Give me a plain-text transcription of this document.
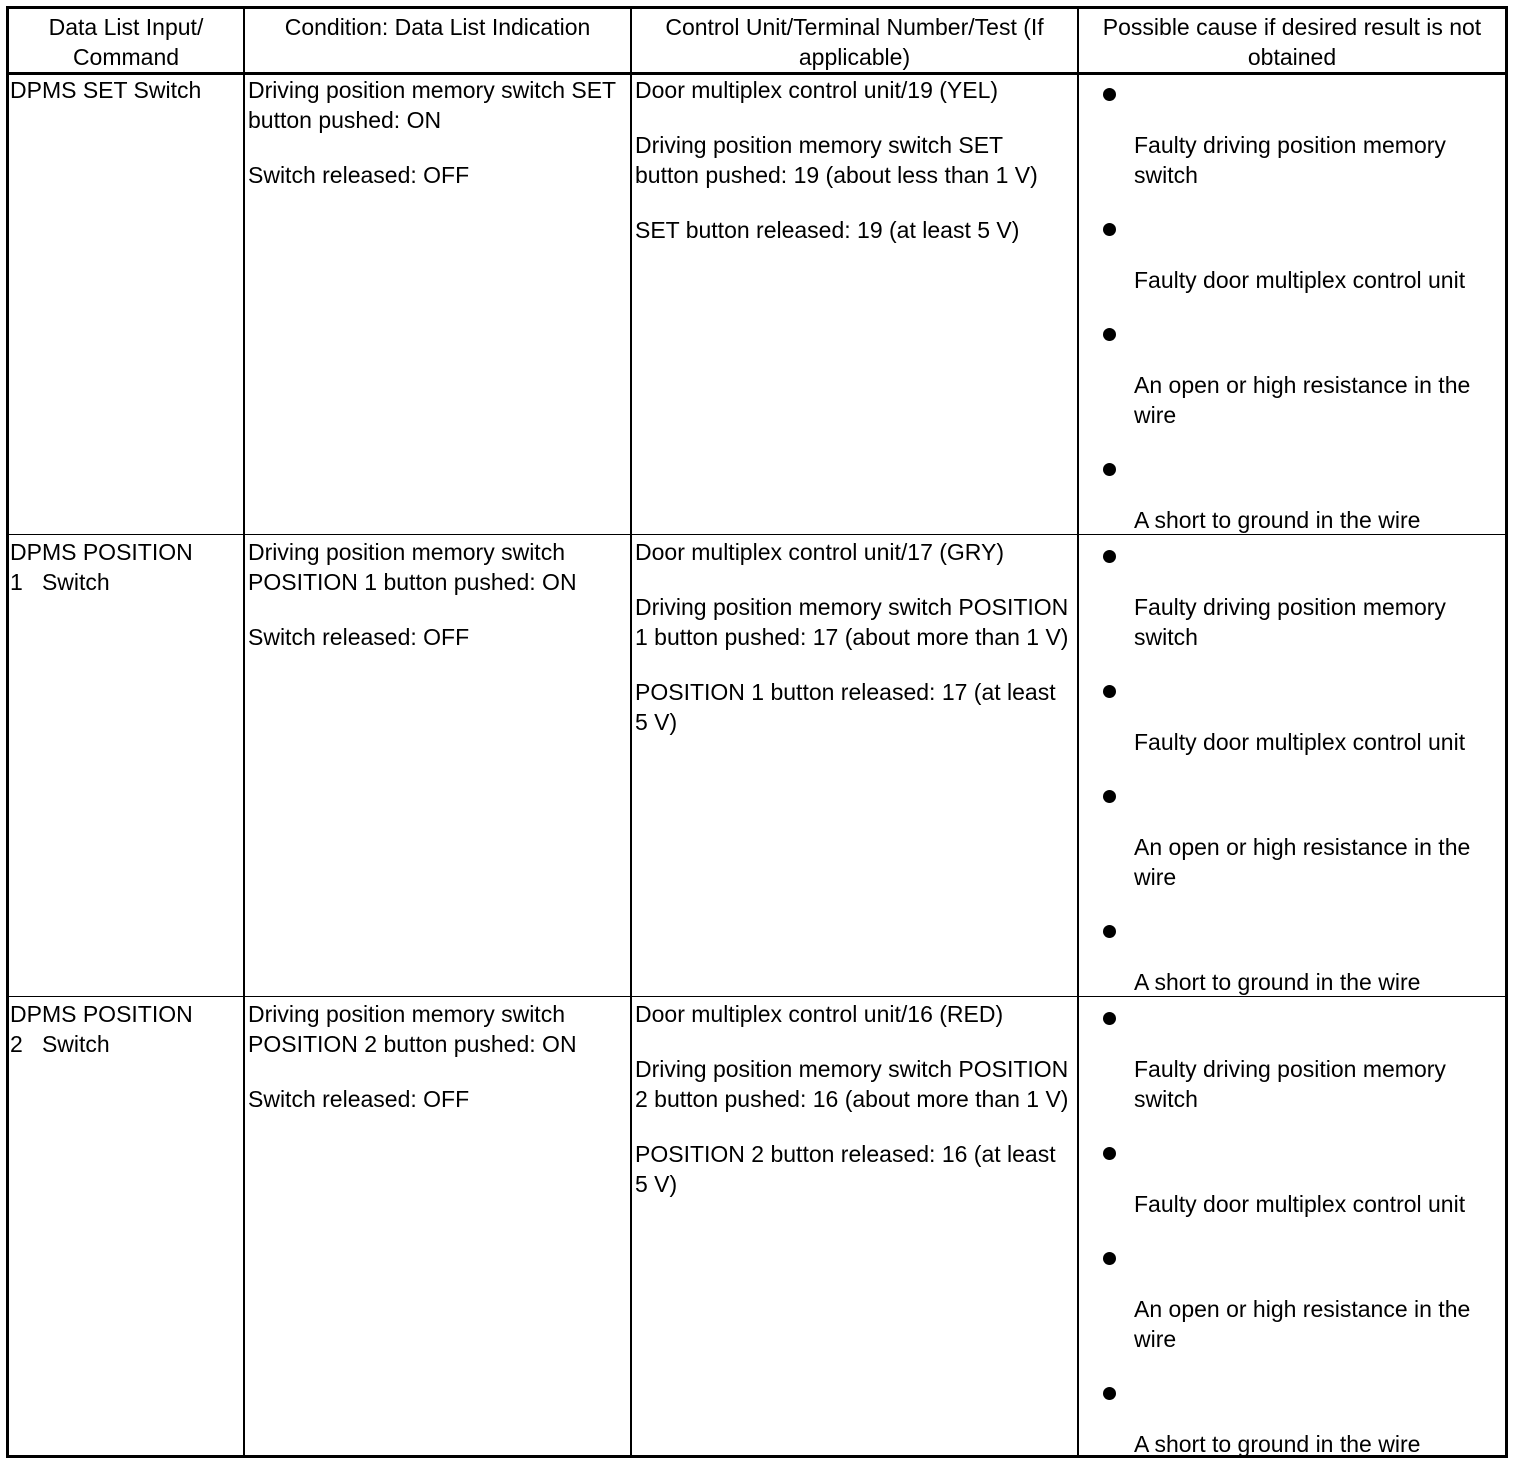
Data List Input/ Command
Condition: Data List Indication	Control Unit/Terminal Number/Test (If applicable)
Possible cause if desired result is not obtained
DPMS SET Switch	Driving position memory switch SET button pushed: ON
Switch released: OFF
Door multiplex control unit/19 (YEL)
Driving position memory switch SET button pushed: 19 (about less than 1 V)
SET button released: 19 (at least 5 V)
Faulty driving position memory switch
Faulty door multiplex control unit
An open or high resistance in the wire
A short to ground in the wire
DPMS POSITION
1   Switch
Driving position memory switch POSITION 1 button pushed: ON
Switch released: OFF
Door multiplex control unit/17 (GRY)
Driving position memory switch POSITION 1 button pushed: 17 (about more than 1 V)
POSITION 1 button released: 17 (at least 5 V)
Faulty driving position memory switch
Faulty door multiplex control unit
An open or high resistance in the wire
A short to ground in the wire
DPMS POSITION
2   Switch
Driving position memory switch POSITION 2 button pushed: ON
Switch released: OFF
Door multiplex control unit/16 (RED)
Driving position memory switch POSITION 2 button pushed: 16 (about more than 1 V)
POSITION 2 button released: 16 (at least 5 V)
Faulty driving position memory switch
Faulty door multiplex control unit
An open or high resistance in the wire
A short to ground in the wire
